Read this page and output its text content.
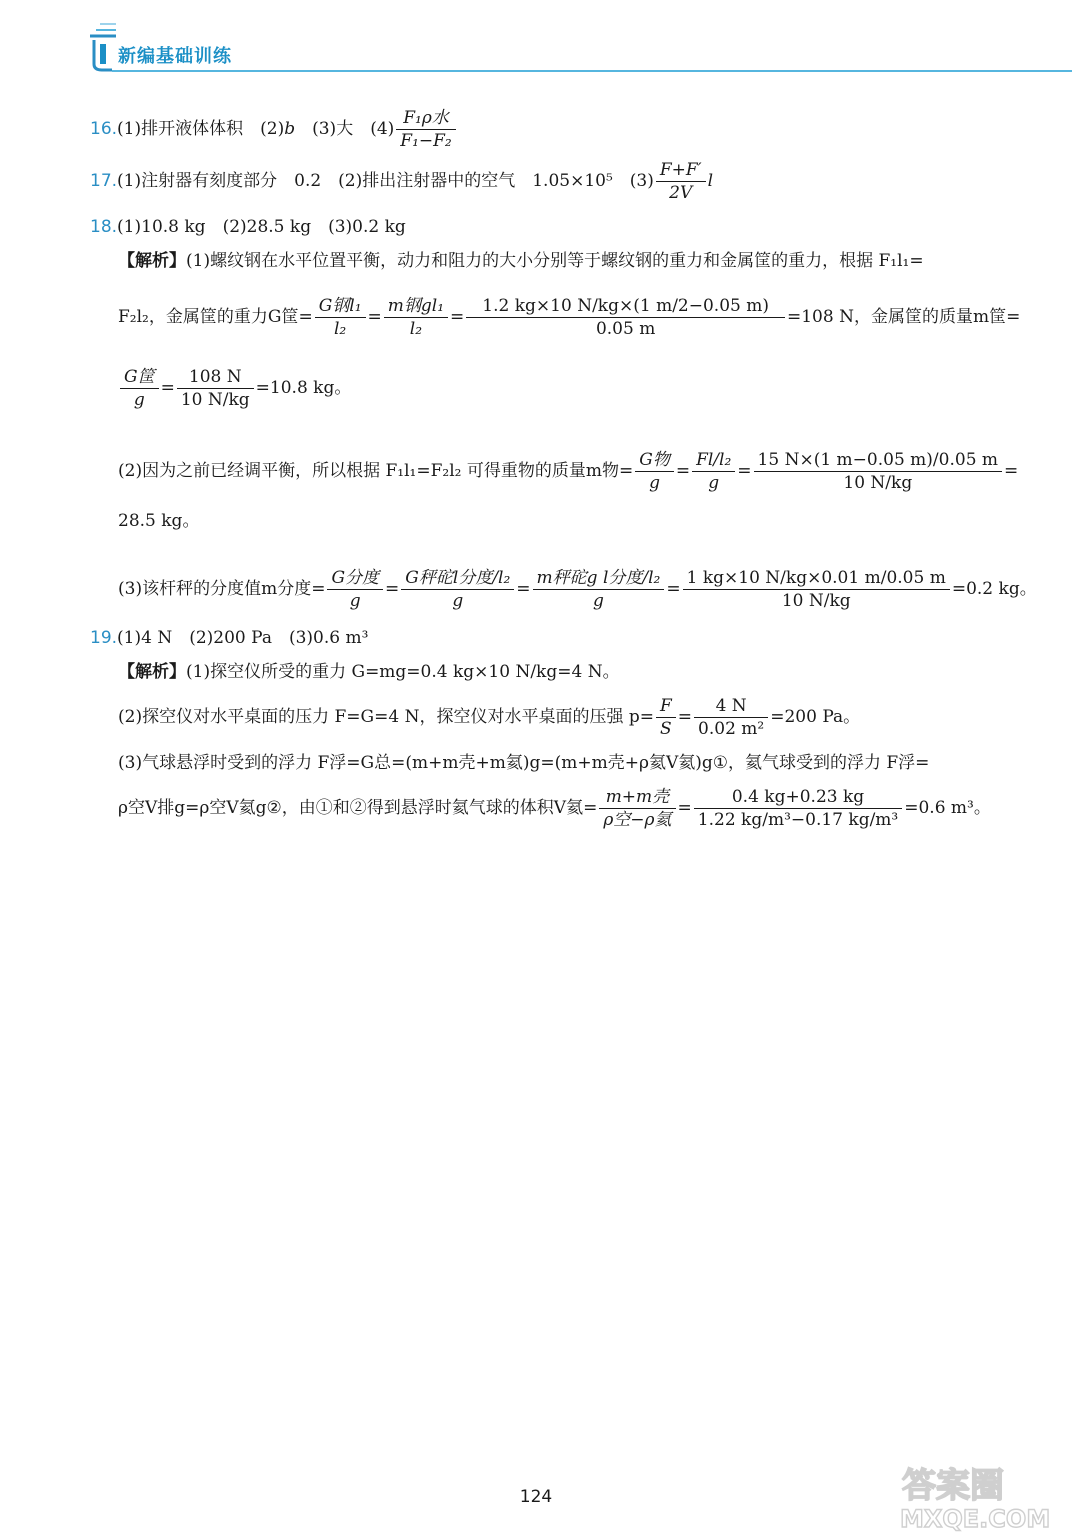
新编基础训练
16.(1)排开液体体积　(2)b　(3)大　$(4) \frac{\text{F₁ρ水}}{\text{F₁−F₂}}$
17.(1)注射器有刻度部分　0.2　(2)排出注射器中的空气　1.05×10⁵　$(3) \frac{F+F'}{2V}$ l
18.(1)10.8 kg　(2)28.5 kg　(3)0.2 kg
【解析】(1)螺纹钢在水平位置平衡，动力和阻力的大小分别等于螺纹钢的重力和金属筐的重力，根据 F₁l₁=
F₂l₂，金属筐的重力G筐= $\frac{\text{G钢l₁}}{\text{l₂}} = \frac{\text{m钢gl₁}}{\text{l₂}} = \frac{1.2 kg\times 10 N/kg\times(1 m/2-0.05 m)}{0.05 m} =108$ N，金属筐的质量m筐=
$\frac{\text{G筐}}{g} = \frac{108 N}{10 N/kg} =10.8$ kg。
(2)因为之前已经调平衡，所以根据 F₁l₁=F₂l₂ 可得重物的质量m物= $\frac{\text{G物}}{g} = \frac{\text{Fl/l₂}}{g} = \frac{15 N\times(1 m-0.05 m)/0.05 m}{10 N/kg}$ =
28.5 kg。
(3)该杆秤的分度值m分度= $\frac{\text{G分度}}{g} = \frac{\text{G秤砣l分度/l₂}}{g} = \frac{\text{m秤砣g l分度/l₂}}{g} = \frac{1 kg\times 10 N/kg\times 0.01 m/0.05 m}{10 N/kg} =0.2$ kg。
19.(1)4 N　(2)200 Pa　(3)0.6 m³
【解析】(1)探空仪所受的重力 G=mg=0.4 kg×10 N/kg=4 N。
(2)探空仪对水平桌面的压力 F=G=4 N，探空仪对水平桌面的压强 $p= \frac{F}{S} = \frac{4 N}{\text{0.02 m²}} =200$ Pa。
(3)气球悬浮时受到的浮力 F浮=G总=(m+m壳+m氦)g=(m+m壳+ρ氦V氦)g①，氦气球受到的浮力 F浮=
ρ空V排g=ρ空V氦g②，由①和②得到悬浮时氦气球的体积V氦= $\frac{\text{m+m壳}}{\text{ρ空−ρ氦}} = \frac{0.4 kg+0.23 kg}{\text{1.22 kg/m³−0.17 kg/m³}} =0.6$ m³。
124	答案圈
MXQE.COM
